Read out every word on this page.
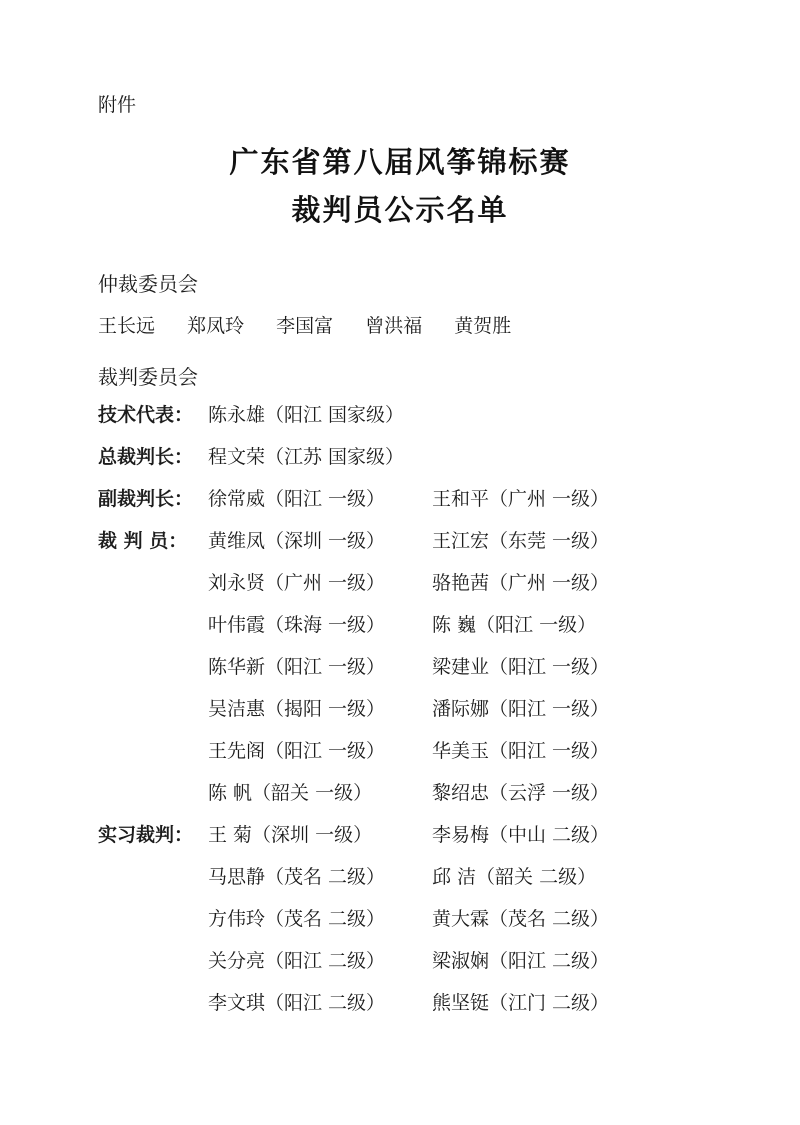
附件
广东省第八届风筝锦标赛
裁判员公示名单
仲裁委员会
王长远 郑凤玲 李国富 曾洪福 黄贺胜
裁判委员会
技术代表： 陈永雄（阳江 国家级）
总裁判长： 程文荣（江苏 国家级）
副裁判长： 徐常威（阳江 一级） 王和平（广州 一级）
裁 判 员：	黄维凤（深圳 一级） 王江宏（东莞 一级）
刘永贤（广州 一级） 骆艳茜（广州 一级）
叶伟霞（珠海 一级） 陈 巍（阳江 一级）
陈华新（阳江 一级） 梁建业（阳江 一级）
吴洁惠（揭阳 一级） 潘际娜（阳江 一级）
王先阁（阳江 一级） 华美玉（阳江 一级）
陈 帆（韶关 一级）	黎绍忠（云浮 一级）
实习裁判： 王 菊（深圳 一级）	李易梅（中山 二级）
马思静（茂名 二级） 邱 洁（韶关 二级）
方伟玲（茂名 二级） 黄大霖（茂名 二级）
关分亮（阳江 二级） 梁淑娴（阳江 二级）
李文琪（阳江 二级） 熊坚铤（江门 二级）
